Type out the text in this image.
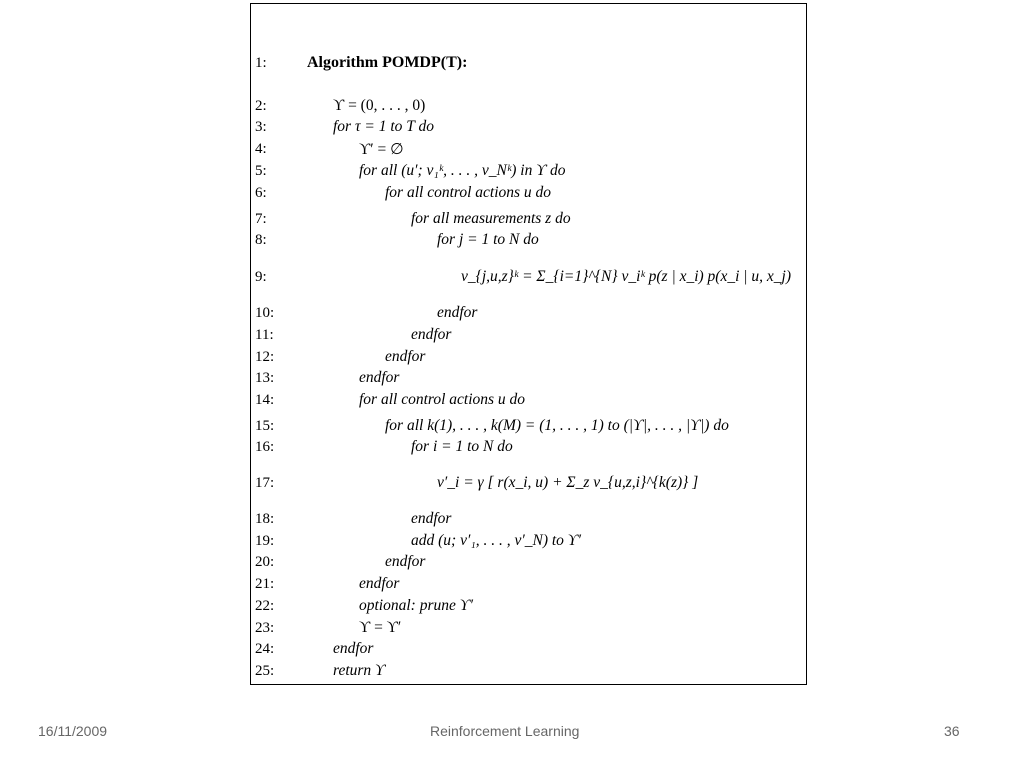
1:	Algorithm POMDP(T):
2:	ϒ = (0, . . . , 0)
3:	for τ = 1 to T do
4:	ϒ′ = ∅
5:	for all (u′; v₁ᵏ, . . . , v_Nᵏ) in ϒ do
6:	for all control actions u do
7:	for all measurements z do
8:	for j = 1 to N do
9:	v_{j,u,z}ᵏ = Σ_{i=1}^{N} v_iᵏ p(z | x_i) p(x_i | u, x_j)
10:	endfor
11:	endfor
12:	endfor
13:	endfor
14:	for all control actions u do
15:	for all k(1), . . . , k(M) = (1, . . . , 1) to (|ϒ|, . . . , |ϒ|) do
16:	for i = 1 to N do
17:	v′_i = γ [ r(x_i, u) + Σ_z v_{u,z,i}^{k(z)} ]
18:	endfor
19:	add (u; v′₁, . . . , v′_N) to ϒ′
20:	endfor
21:	endfor
22:	optional: prune ϒ′
23:	ϒ = ϒ′
24:	endfor
25:	return ϒ
16/11/2009	Reinforcement Learning	36
